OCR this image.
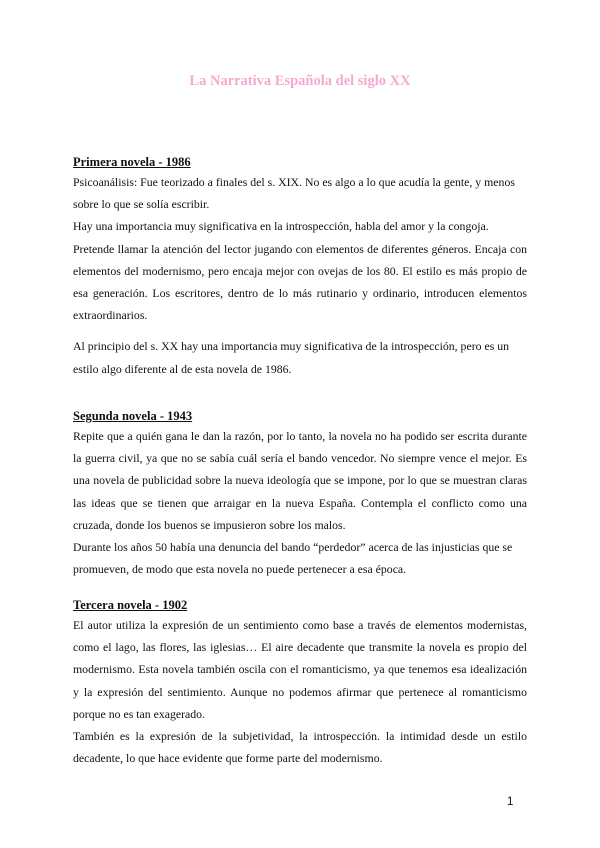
La Narrativa Española del siglo XX
Primera novela - 1986

Psicoanálisis: Fue teorizado a finales del s. XIX. No es algo a lo que acudía la gente, y menos sobre lo que se solía escribir.

Hay una importancia muy significativa en la introspección, habla del amor y la congoja.

Pretende llamar la atención del lector jugando con elementos de diferentes géneros. Encaja con elementos del modernismo, pero encaja mejor con ovejas de los 80. El estilo es más propio de esa generación. Los escritores, dentro de lo más rutinario y ordinario, introducen elementos extraordinarios.

Al principio del s. XX hay una importancia muy significativa de la introspección, pero es un estilo algo diferente al de esta novela de 1986.

Segunda novela - 1943

Repite que a quién gana le dan la razón, por lo tanto, la novela no ha podido ser escrita durante la guerra civil, ya que no se sabía cuál sería el bando vencedor. No siempre vence el mejor. Es una novela de publicidad sobre la nueva ideología que se impone, por lo que se muestran claras las ideas que se tienen que arraigar en la nueva España. Contempla el conflicto como una cruzada, donde los buenos se impusieron sobre los malos.

Durante los años 50 había una denuncia del bando “perdedor” acerca de las injusticias que se promueven, de modo que esta novela no puede pertenecer a esa época.

Tercera novela - 1902

El autor utiliza la expresión de un sentimiento como base a través de elementos modernistas, como el lago, las flores, las iglesias… El aire decadente que transmite la novela es propio del modernismo. Esta novela también oscila con el romanticismo, ya que tenemos esa idealización y la expresión del sentimiento. Aunque no podemos afirmar que pertenece al romanticismo porque no es tan exagerado.

También es la expresión de la subjetividad, la introspección. la intimidad desde un estilo decadente, lo que hace evidente que forme parte del modernismo.

1
